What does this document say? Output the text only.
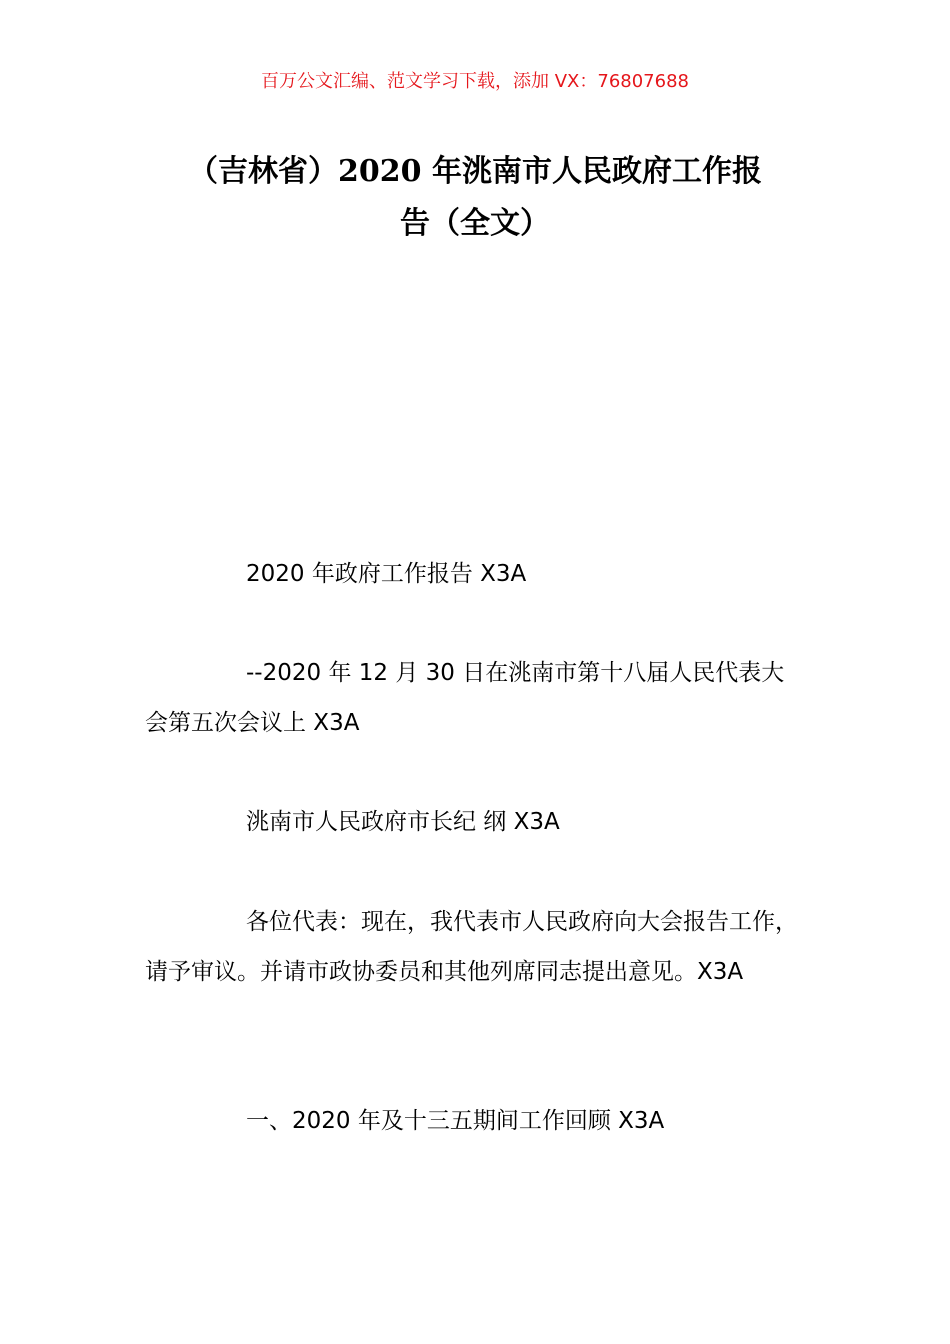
百万公文汇编、范文学习下载，添加 VX：76807688
（吉林省）2020 年洮南市人民政府工作报
告（全文）

2020 年政府工作报告 X3A

--2020 年 12 月 30 日在洮南市第十八届人民代表大会第五次会议上 X3A

洮南市人民政府市长纪 纲 X3A

各位代表：现在，我代表市人民政府向大会报告工作，请予审议。并请市政协委员和其他列席同志提出意见。X3A

一、2020 年及十三五期间工作回顾 X3A
